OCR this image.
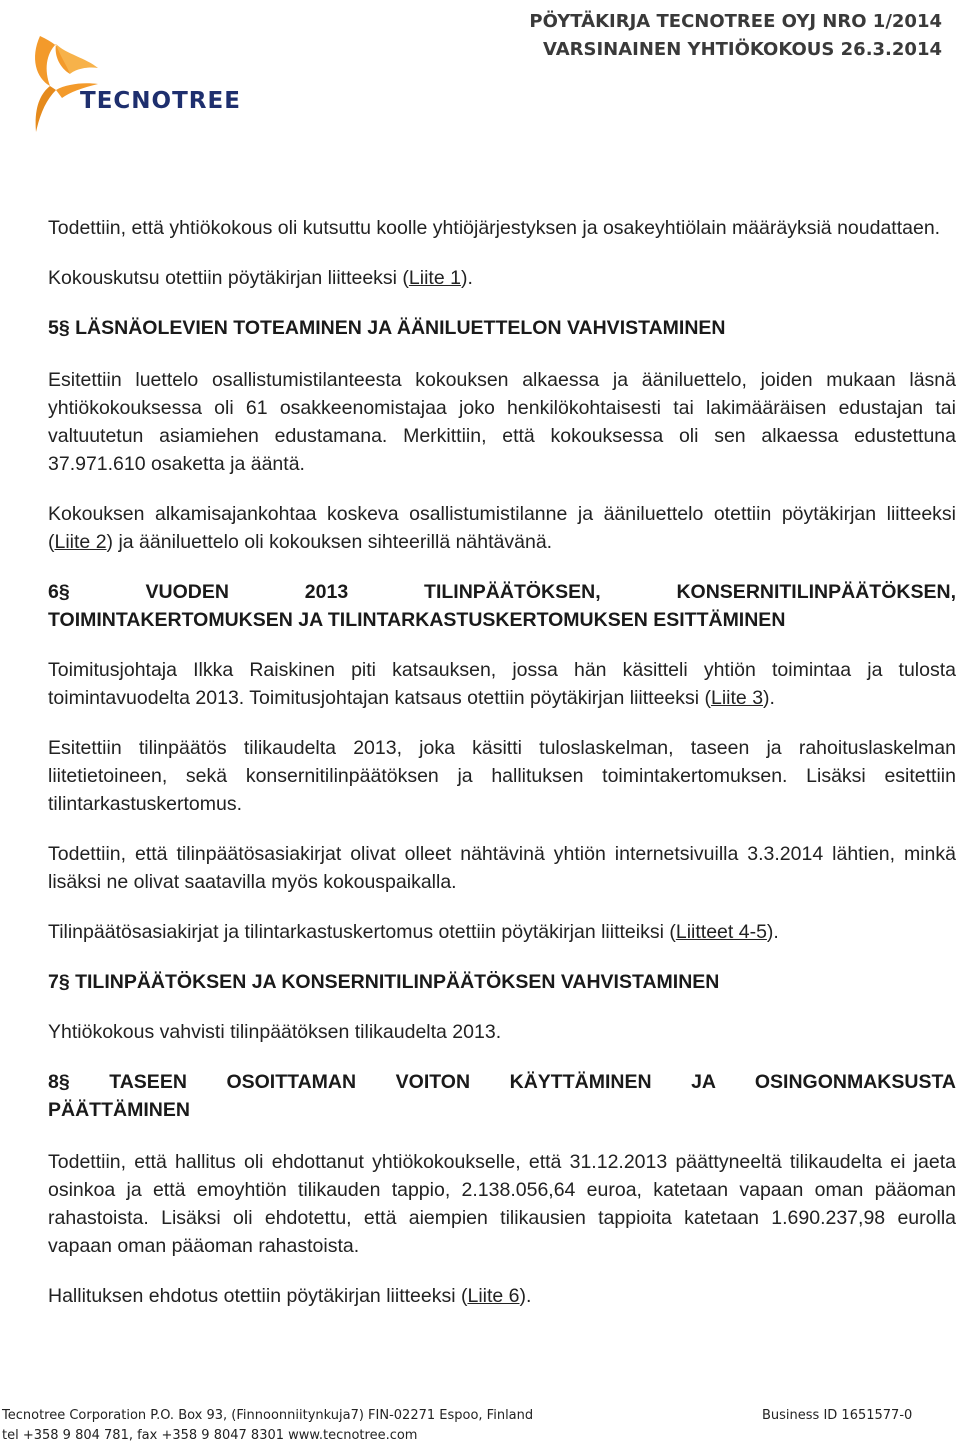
PÖYTÄKIRJA TECNOTREE OYJ NRO 1/2014
VARSINAINEN YHTIÖKOKOUS 26.3.2014
TECNOTREE

Todettiin, että yhtiökokous oli kutsuttu koolle yhtiöjärjestyksen ja osakeyhtiölain määräyksiä noudattaen.

Kokouskutsu otettiin pöytäkirjan liitteeksi (Liite 1).

5§ LÄSNÄOLEVIEN TOTEAMINEN JA ÄÄNILUETTELON VAHVISTAMINEN

Esitettiin luettelo osallistumistilanteesta kokouksen alkaessa ja ääniluettelo, joiden mukaan läsnä yhtiökokouksessa oli 61 osakkeenomistajaa joko henkilökohtaisesti tai lakimääräisen edustajan tai valtuutetun asiamiehen edustamana. Merkittiin, että kokouksessa oli sen alkaessa edustettuna 37.971.610 osaketta ja ääntä.

Kokouksen alkamisajankohtaa koskeva osallistumistilanne ja ääniluettelo otettiin pöytäkirjan liitteeksi (Liite 2) ja ääniluettelo oli kokouksen sihteerillä nähtävänä.

6§ VUODEN 2013 TILINPÄÄTÖKSEN, KONSERNITILINPÄÄTÖKSEN,
TOIMINTAKERTOMUKSEN JA TILINTARKASTUSKERTOMUKSEN ESITTÄMINEN

Toimitusjohtaja Ilkka Raiskinen piti katsauksen, jossa hän käsitteli yhtiön toimintaa ja tulosta toimintavuodelta 2013. Toimitusjohtajan katsaus otettiin pöytäkirjan liitteeksi (Liite 3).

Esitettiin tilinpäätös tilikaudelta 2013, joka käsitti tuloslaskelman, taseen ja rahoituslaskelman liitetietoineen, sekä konsernitilinpäätöksen ja hallituksen toimintakertomuksen. Lisäksi esitettiin tilintarkastuskertomus.

Todettiin, että tilinpäätösasiakirjat olivat olleet nähtävinä yhtiön internetsivuilla 3.3.2014 lähtien, minkä lisäksi ne olivat saatavilla myös kokouspaikalla.

Tilinpäätösasiakirjat ja tilintarkastuskertomus otettiin pöytäkirjan liitteiksi (Liitteet 4-5).

7§ TILINPÄÄTÖKSEN JA KONSERNITILINPÄÄTÖKSEN VAHVISTAMINEN

Yhtiökokous vahvisti tilinpäätöksen tilikaudelta 2013.

8§ TASEEN OSOITTAMAN VOITON KÄYTTÄMINEN JA OSINGONMAKSUSTA
PÄÄTTÄMINEN

Todettiin, että hallitus oli ehdottanut yhtiökokoukselle, että 31.12.2013 päättyneeltä tilikaudelta ei jaeta osinkoa ja että emoyhtiön tilikauden tappio, 2.138.056,64 euroa, katetaan vapaan oman pääoman rahastoista. Lisäksi oli ehdotettu, että aiempien tilikausien tappioita katetaan 1.690.237,98 eurolla vapaan oman pääoman rahastoista.

Hallituksen ehdotus otettiin pöytäkirjan liitteeksi (Liite 6).

Tecnotree Corporation P.O. Box 93, (Finnoonniitynkuja7) FIN-02271 Espoo, Finland
tel +358 9 804 781, fax +358 9 8047 8301 www.tecnotree.com
Business ID 1651577-0
